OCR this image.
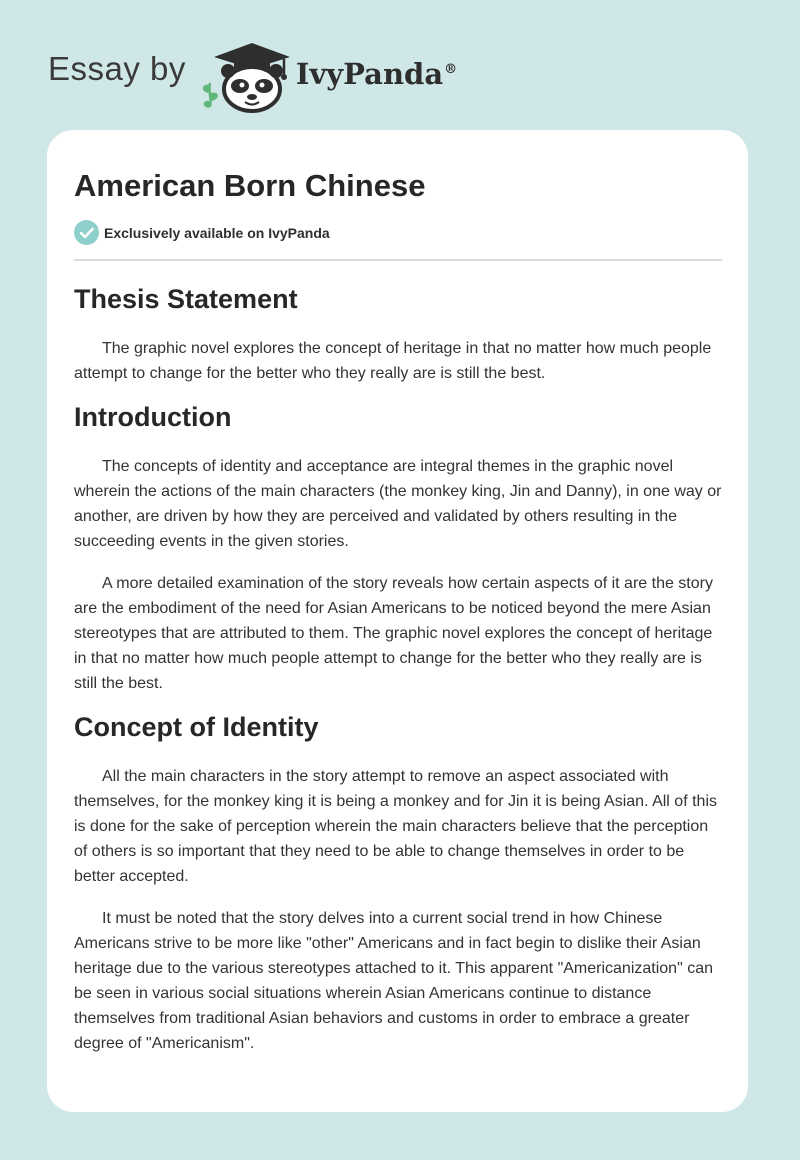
Essay by	IvyPanda®
American Born Chinese
Exclusively available on IvyPanda
Thesis Statement

The graphic novel explores the concept of heritage in that no matter how much people attempt to change for the better who they really are is still the best.

Introduction

The concepts of identity and acceptance are integral themes in the graphic novel wherein the actions of the main characters (the monkey king, Jin and Danny), in one way or another, are driven by how they are perceived and validated by others resulting in the succeeding events in the given stories.

A more detailed examination of the story reveals how certain aspects of it are the story are the embodiment of the need for Asian Americans to be noticed beyond the mere Asian stereotypes that are attributed to them. The graphic novel explores the concept of heritage in that no matter how much people attempt to change for the better who they really are is still the best.

Concept of Identity

All the main characters in the story attempt to remove an aspect associated with themselves, for the monkey king it is being a monkey and for Jin it is being Asian. All of this is done for the sake of perception wherein the main characters believe that the perception of others is so important that they need to be able to change themselves in order to be better accepted.

It must be noted that the story delves into a current social trend in how Chinese Americans strive to be more like "other" Americans and in fact begin to dislike their Asian heritage due to the various stereotypes attached to it. This apparent "Americanization" can be seen in various social situations wherein Asian Americans continue to distance themselves from traditional Asian behaviors and customs in order to embrace a greater degree of "Americanism".
